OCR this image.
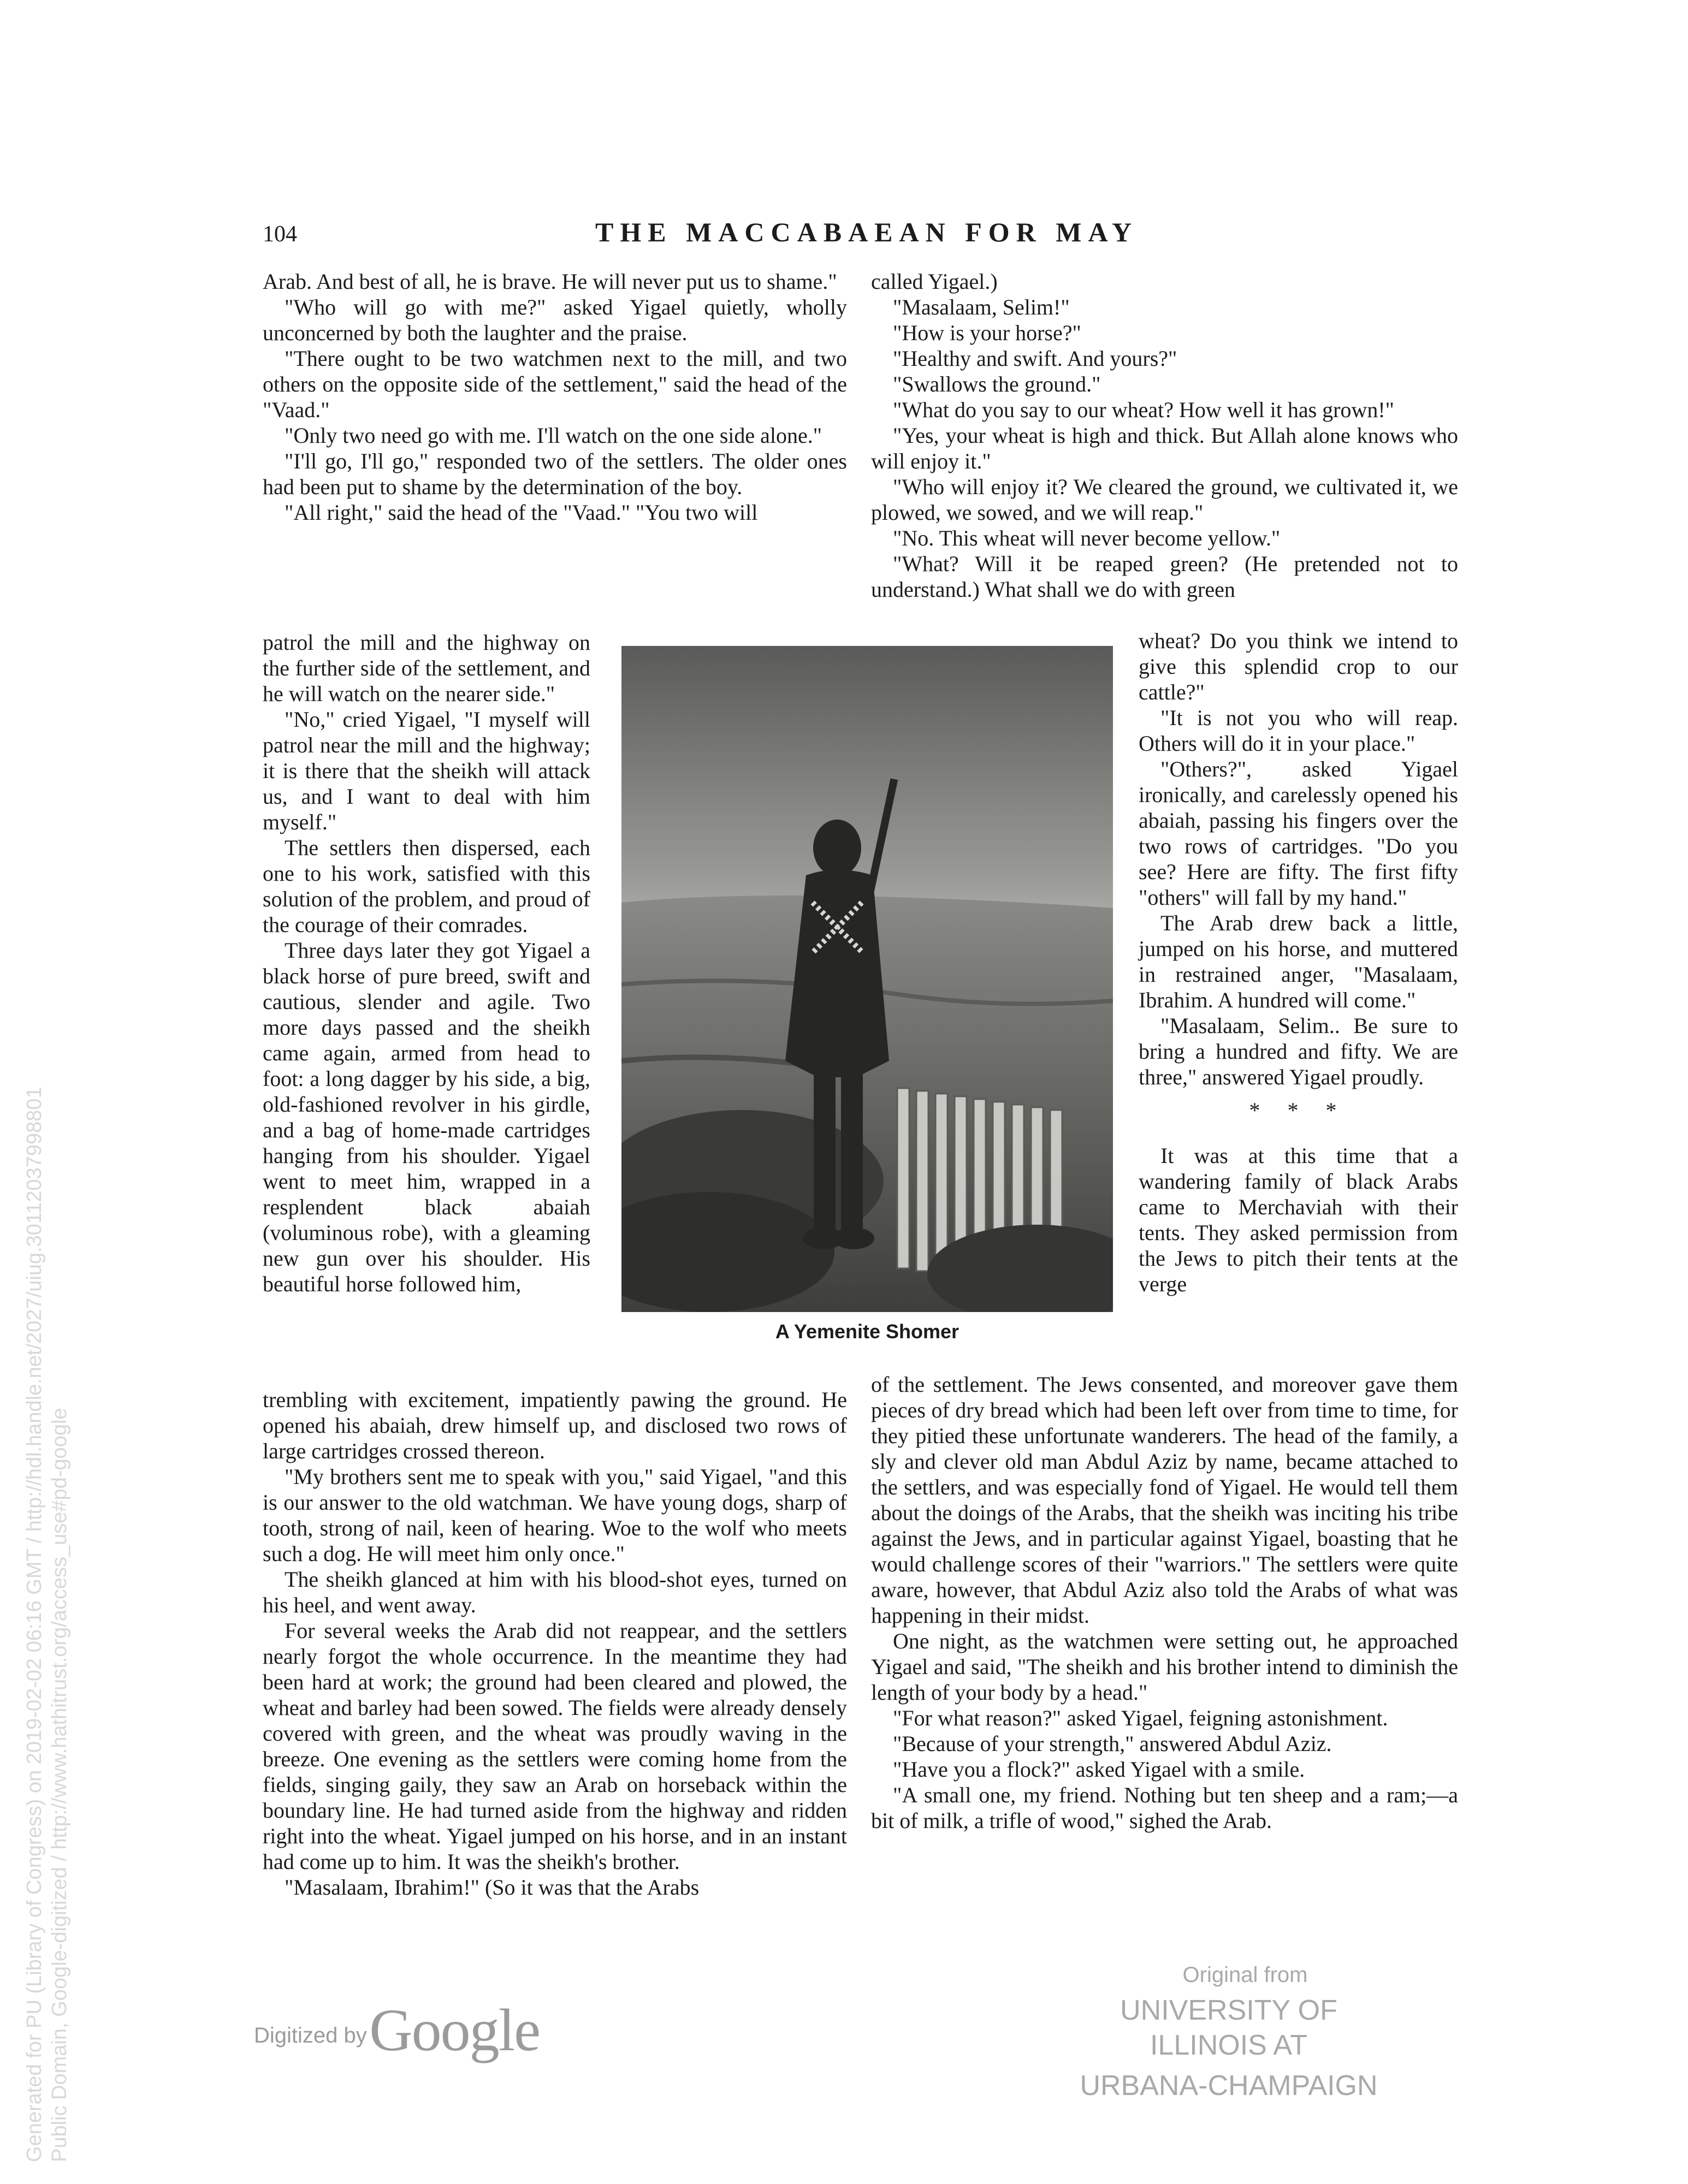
104	THE MACCABAEAN FOR MAY

Arab. And best of all, he is brave. He will never put us to shame."

"Who will go with me?" asked Yigael quietly, wholly unconcerned by both the laughter and the praise.

"There ought to be two watchmen next to the mill, and two others on the opposite side of the settlement," said the head of the "Vaad."

"Only two need go with me. I'll watch on the one side alone."

"I'll go, I'll go," responded two of the settlers. The older ones had been put to shame by the determination of the boy.

"All right," said the head of the "Vaad." "You two will

patrol the mill and the highway on the further side of the settlement, and he will watch on the nearer side."

"No," cried Yigael, "I myself will patrol near the mill and the highway; it is there that the sheikh will attack us, and I want to deal with him myself."

The settlers then dispersed, each one to his work, satisfied with this solution of the problem, and proud of the courage of their comrades.

Three days later they got Yigael a black horse of pure breed, swift and cautious, slender and agile. Two more days passed and the sheikh came again, armed from head to foot: a long dagger by his side, a big, old-fashioned revolver in his girdle, and a bag of home-made cartridges hanging from his shoulder. Yigael went to meet him, wrapped in a resplendent black abaiah (voluminous robe), with a gleaming new gun over his shoulder. His beautiful horse followed him,

trembling with excitement, impatiently pawing the ground. He opened his abaiah, drew himself up, and disclosed two rows of large cartridges crossed thereon.

"My brothers sent me to speak with you," said Yigael, "and this is our answer to the old watchman. We have young dogs, sharp of tooth, strong of nail, keen of hearing. Woe to the wolf who meets such a dog. He will meet him only once."

The sheikh glanced at him with his blood-shot eyes, turned on his heel, and went away.

For several weeks the Arab did not reappear, and the settlers nearly forgot the whole occurrence. In the meantime they had been hard at work; the ground had been cleared and plowed, the wheat and barley had been sowed. The fields were already densely covered with green, and the wheat was proudly waving in the breeze. One evening as the settlers were coming home from the fields, singing gaily, they saw an Arab on horseback within the boundary line. He had turned aside from the highway and ridden right into the wheat. Yigael jumped on his horse, and in an instant had come up to him. It was the sheikh's brother.

"Masalaam, Ibrahim!" (So it was that the Arabs

A Yemenite Shomer

called Yigael.)

"Masalaam, Selim!"

"How is your horse?"

"Healthy and swift. And yours?"

"Swallows the ground."

"What do you say to our wheat? How well it has grown!"

"Yes, your wheat is high and thick. But Allah alone knows who will enjoy it."

"Who will enjoy it? We cleared the ground, we cultivated it, we plowed, we sowed, and we will reap."

"No. This wheat will never become yellow."

"What? Will it be reaped green? (He pretended not to understand.) What shall we do with green

wheat? Do you think we intend to give this splendid crop to our cattle?"

"It is not you who will reap. Others will do it in your place."

"Others?", asked Yigael ironically, and carelessly opened his abaiah, passing his fingers over the two rows of cartridges. "Do you see? Here are fifty. The first fifty "others" will fall by my hand."

The Arab drew back a little, jumped on his horse, and muttered in restrained anger, "Masalaam, Ibrahim. A hundred will come."

"Masalaam, Selim.. Be sure to bring a hundred and fifty. We are three," answered Yigael proudly.

* * *

It was at this time that a wandering family of black Arabs came to Merchaviah with their tents. They asked permission from the Jews to pitch their tents at the verge

of the settlement. The Jews consented, and moreover gave them pieces of dry bread which had been left over from time to time, for they pitied these unfortunate wanderers. The head of the family, a sly and clever old man Abdul Aziz by name, became attached to the settlers, and was especially fond of Yigael. He would tell them about the doings of the Arabs, that the sheikh was inciting his tribe against the Jews, and in particular against Yigael, boasting that he would challenge scores of their "warriors." The settlers were quite aware, however, that Abdul Aziz also told the Arabs of what was happening in their midst.

One night, as the watchmen were setting out, he approached Yigael and said, "The sheikh and his brother intend to diminish the length of your body by a head."

"For what reason?" asked Yigael, feigning astonishment.

"Because of your strength," answered Abdul Aziz.

"Have you a flock?" asked Yigael with a smile.

"A small one, my friend. Nothing but ten sheep and a ram;—a bit of milk, a trifle of wood," sighed the Arab.

Generated for PU (Library of Congress) on 2019-02-02 06:16 GMT / http://hdl.handle.net/2027/uiug.30112037998801 Public Domain, Google-digitized / http://www.hathitrust.org/access_use#pd-google	Digitized by Google
Original from
UNIVERSITY OF ILLINOIS AT
URBANA-CHAMPAIGN
